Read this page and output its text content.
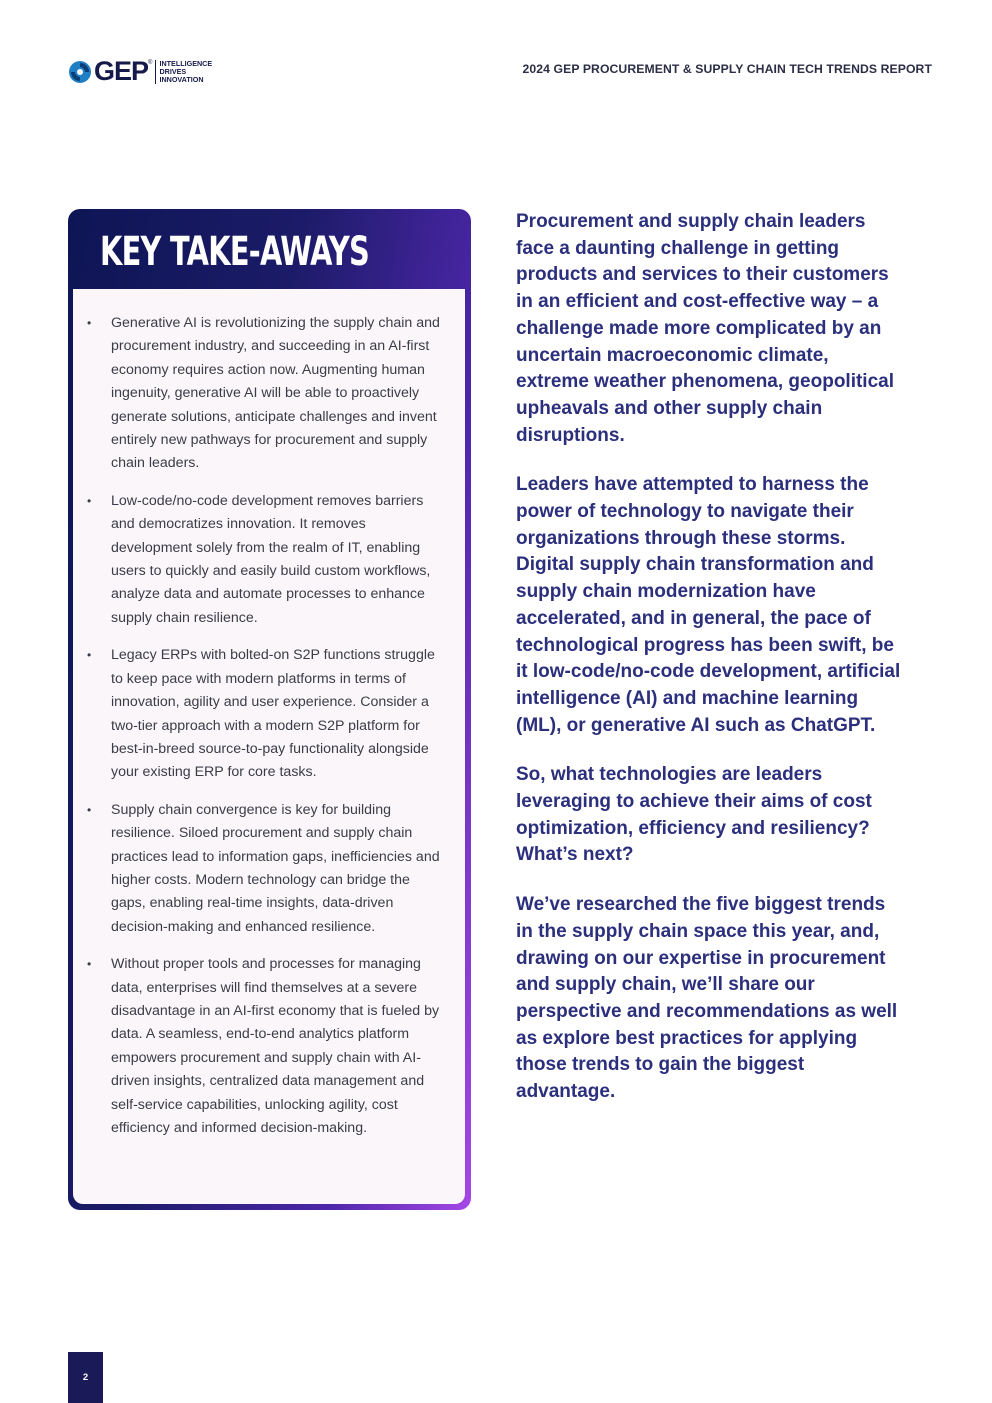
GEP ® INTELLIGENCE
DRIVES
INNOVATION
2024 GEP PROCUREMENT & SUPPLY CHAIN TECH TRENDS REPORT
KEY TAKE-AWAYS
• Generative AI is revolutionizing the supply chain and procurement industry, and succeeding in an AI-first economy requires action now. Augmenting human ingenuity, generative AI will be able to proactively generate solutions, anticipate challenges and invent entirely new pathways for procurement and supply chain leaders.
• Low-code/no-code development removes barriers and democratizes innovation. It removes development solely from the realm of IT, enabling users to quickly and easily build custom workflows, analyze data and automate processes to enhance supply chain resilience.
• Legacy ERPs with bolted-on S2P functions struggle to keep pace with modern platforms in terms of innovation, agility and user experience. Consider a two-tier approach with a modern S2P platform for best-in-breed source-to-pay functionality alongside your existing ERP for core tasks.
• Supply chain convergence is key for building resilience. Siloed procurement and supply chain practices lead to information gaps, inefficiencies and higher costs. Modern technology can bridge the gaps, enabling real-time insights, data-driven decision-making and enhanced resilience.
• Without proper tools and processes for managing data, enterprises will find themselves at a severe disadvantage in an AI-first economy that is fueled by data. A seamless, end-to-end analytics platform empowers procurement and supply chain with AI-driven insights, centralized data management and self-service capabilities, unlocking agility, cost efficiency and informed decision-making.

Procurement and supply chain leaders face a daunting challenge in getting products and services to their customers in an efficient and cost-effective way – a challenge made more complicated by an uncertain macroeconomic climate, extreme weather phenomena, geopolitical upheavals and other supply chain disruptions.

Leaders have attempted to harness the power of technology to navigate their organizations through these storms. Digital supply chain transformation and supply chain modernization have accelerated, and in general, the pace of technological progress has been swift, be it low-code/no-code development, artificial intelligence (AI) and machine learning (ML), or generative AI such as ChatGPT.

So, what technologies are leaders leveraging to achieve their aims of cost optimization, efficiency and resiliency? What’s next?

We’ve researched the five biggest trends in the supply chain space this year, and, drawing on our expertise in procurement and supply chain, we’ll share our perspective and recommendations as well as explore best practices for applying those trends to gain the biggest advantage.

2
